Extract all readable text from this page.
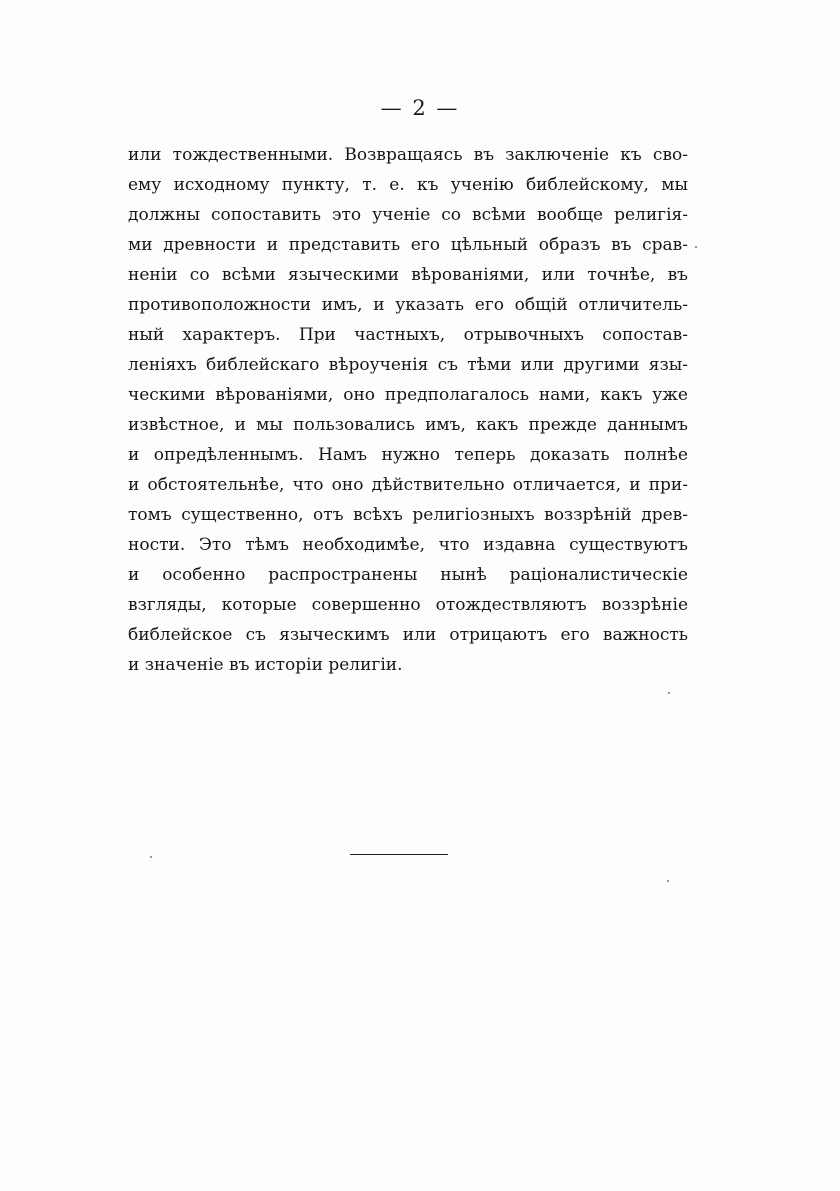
— 2 —
или тождественными. Возвращаясь въ заключенiе къ сво-
ему исходному пункту, т. е. къ ученiю библейскому, мы
должны сопоставить это ученiе со всѣми вообще религiя-
ми древности и представить его цѣльный образъ въ срав-
ненiи со всѣми языческими вѣрованiями, или точнѣе, въ
противоположности имъ, и указать его общiй отличитель-
ный характеръ. При частныхъ, отрывочныхъ сопостав-
ленiяхъ библейскаго вѣроученiя съ тѣми или другими язы-
ческими вѣрованiями, оно предполагалось нами, какъ уже
извѣстное, и мы пользовались имъ, какъ прежде даннымъ
и опредѣленнымъ. Намъ нужно теперь доказать полнѣе
и обстоятельнѣе, что оно дѣйствительно отличается, и при-
томъ существенно, отъ всѣхъ религiозныхъ воззрѣнiй древ-
ности. Это тѣмъ необходимѣе, что издавна существуютъ
и особенно распространены нынѣ рацiоналистическiе
взгляды, которые совершенно отождествляютъ воззрѣнiе
библейское съ языческимъ или отрицаютъ его важность
и значенiе въ исторiи религiи.
